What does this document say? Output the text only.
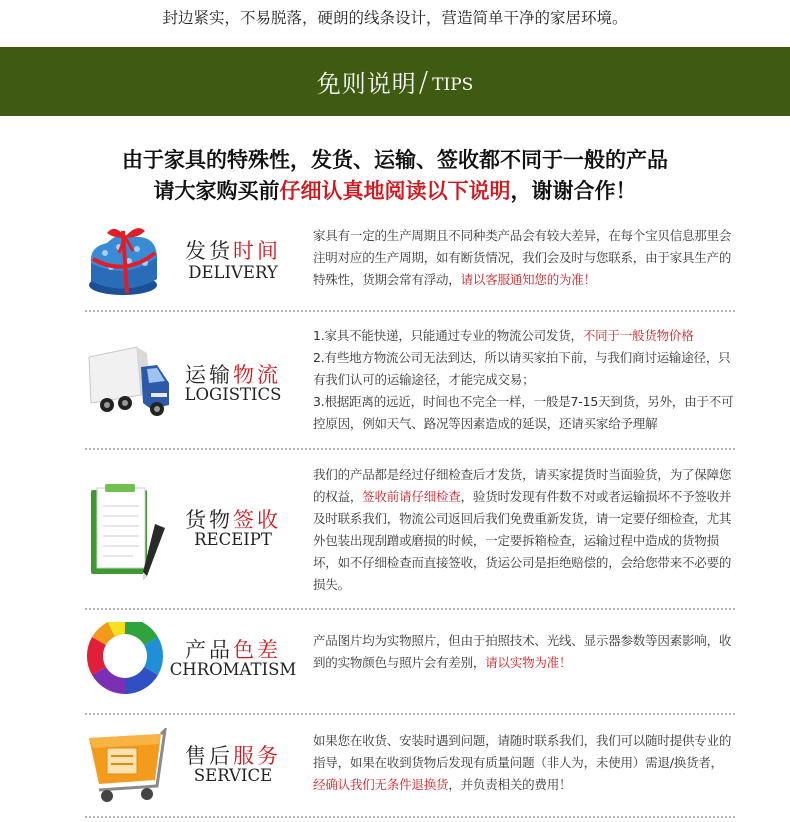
封边紧实，不易脱落，硬朗的线条设计，营造简单干净的家居环境。
免则说明 / TIPS
由于家具的特殊性，发货、运输、签收都不同于一般的产品
请大家购买前仔细认真地阅读以下说明，谢谢合作！
发货时间
DELIVERY
家具有一定的生产周期且不同种类产品会有较大差异，在每个宝贝信息那里会注明对应的生产周期，如有断货情况，我们会及时与您联系，由于家具生产的特殊性，货期会常有浮动，请以客服通知您的为准！
运输物流
LOGISTICS
1.家具不能快递，只能通过专业的物流公司发货，不同于一般货物价格
2.有些地方物流公司无法到达，所以请买家拍下前，与我们商讨运输途径，只有我们认可的运输途径，才能完成交易；
3.根据距离的远近，时间也不完全一样，一般是7-15天到货，另外，由于不可控原因，例如天气、路况等因素造成的延误，还请买家给予理解
货物签收
RECEIPT
我们的产品都是经过仔细检查后才发货，请买家提货时当面验货，为了保障您的权益，签收前请仔细检查，验货时发现有件数不对或者运输损坏不予签收并及时联系我们，物流公司返回后我们免费重新发货，请一定要仔细检查，尤其外包装出现刮蹭或磨损的时候，一定要拆箱检查，运输过程中造成的货物损坏，如不仔细检查而直接签收，货运公司是拒绝赔偿的，会给您带来不必要的损失。
产品色差
CHROMATISM
产品图片均为实物照片，但由于拍照技术、光线、显示器参数等因素影响，收到的实物颜色与照片会有差别，请以实物为准！
售后服务
SERVICE
如果您在收货、安装时遇到问题，请随时联系我们，我们可以随时提供专业的指导，如果在收到货物后发现有质量问题（非人为，未使用）需退/换货者，经确认我们无条件退换货，并负责相关的费用！
